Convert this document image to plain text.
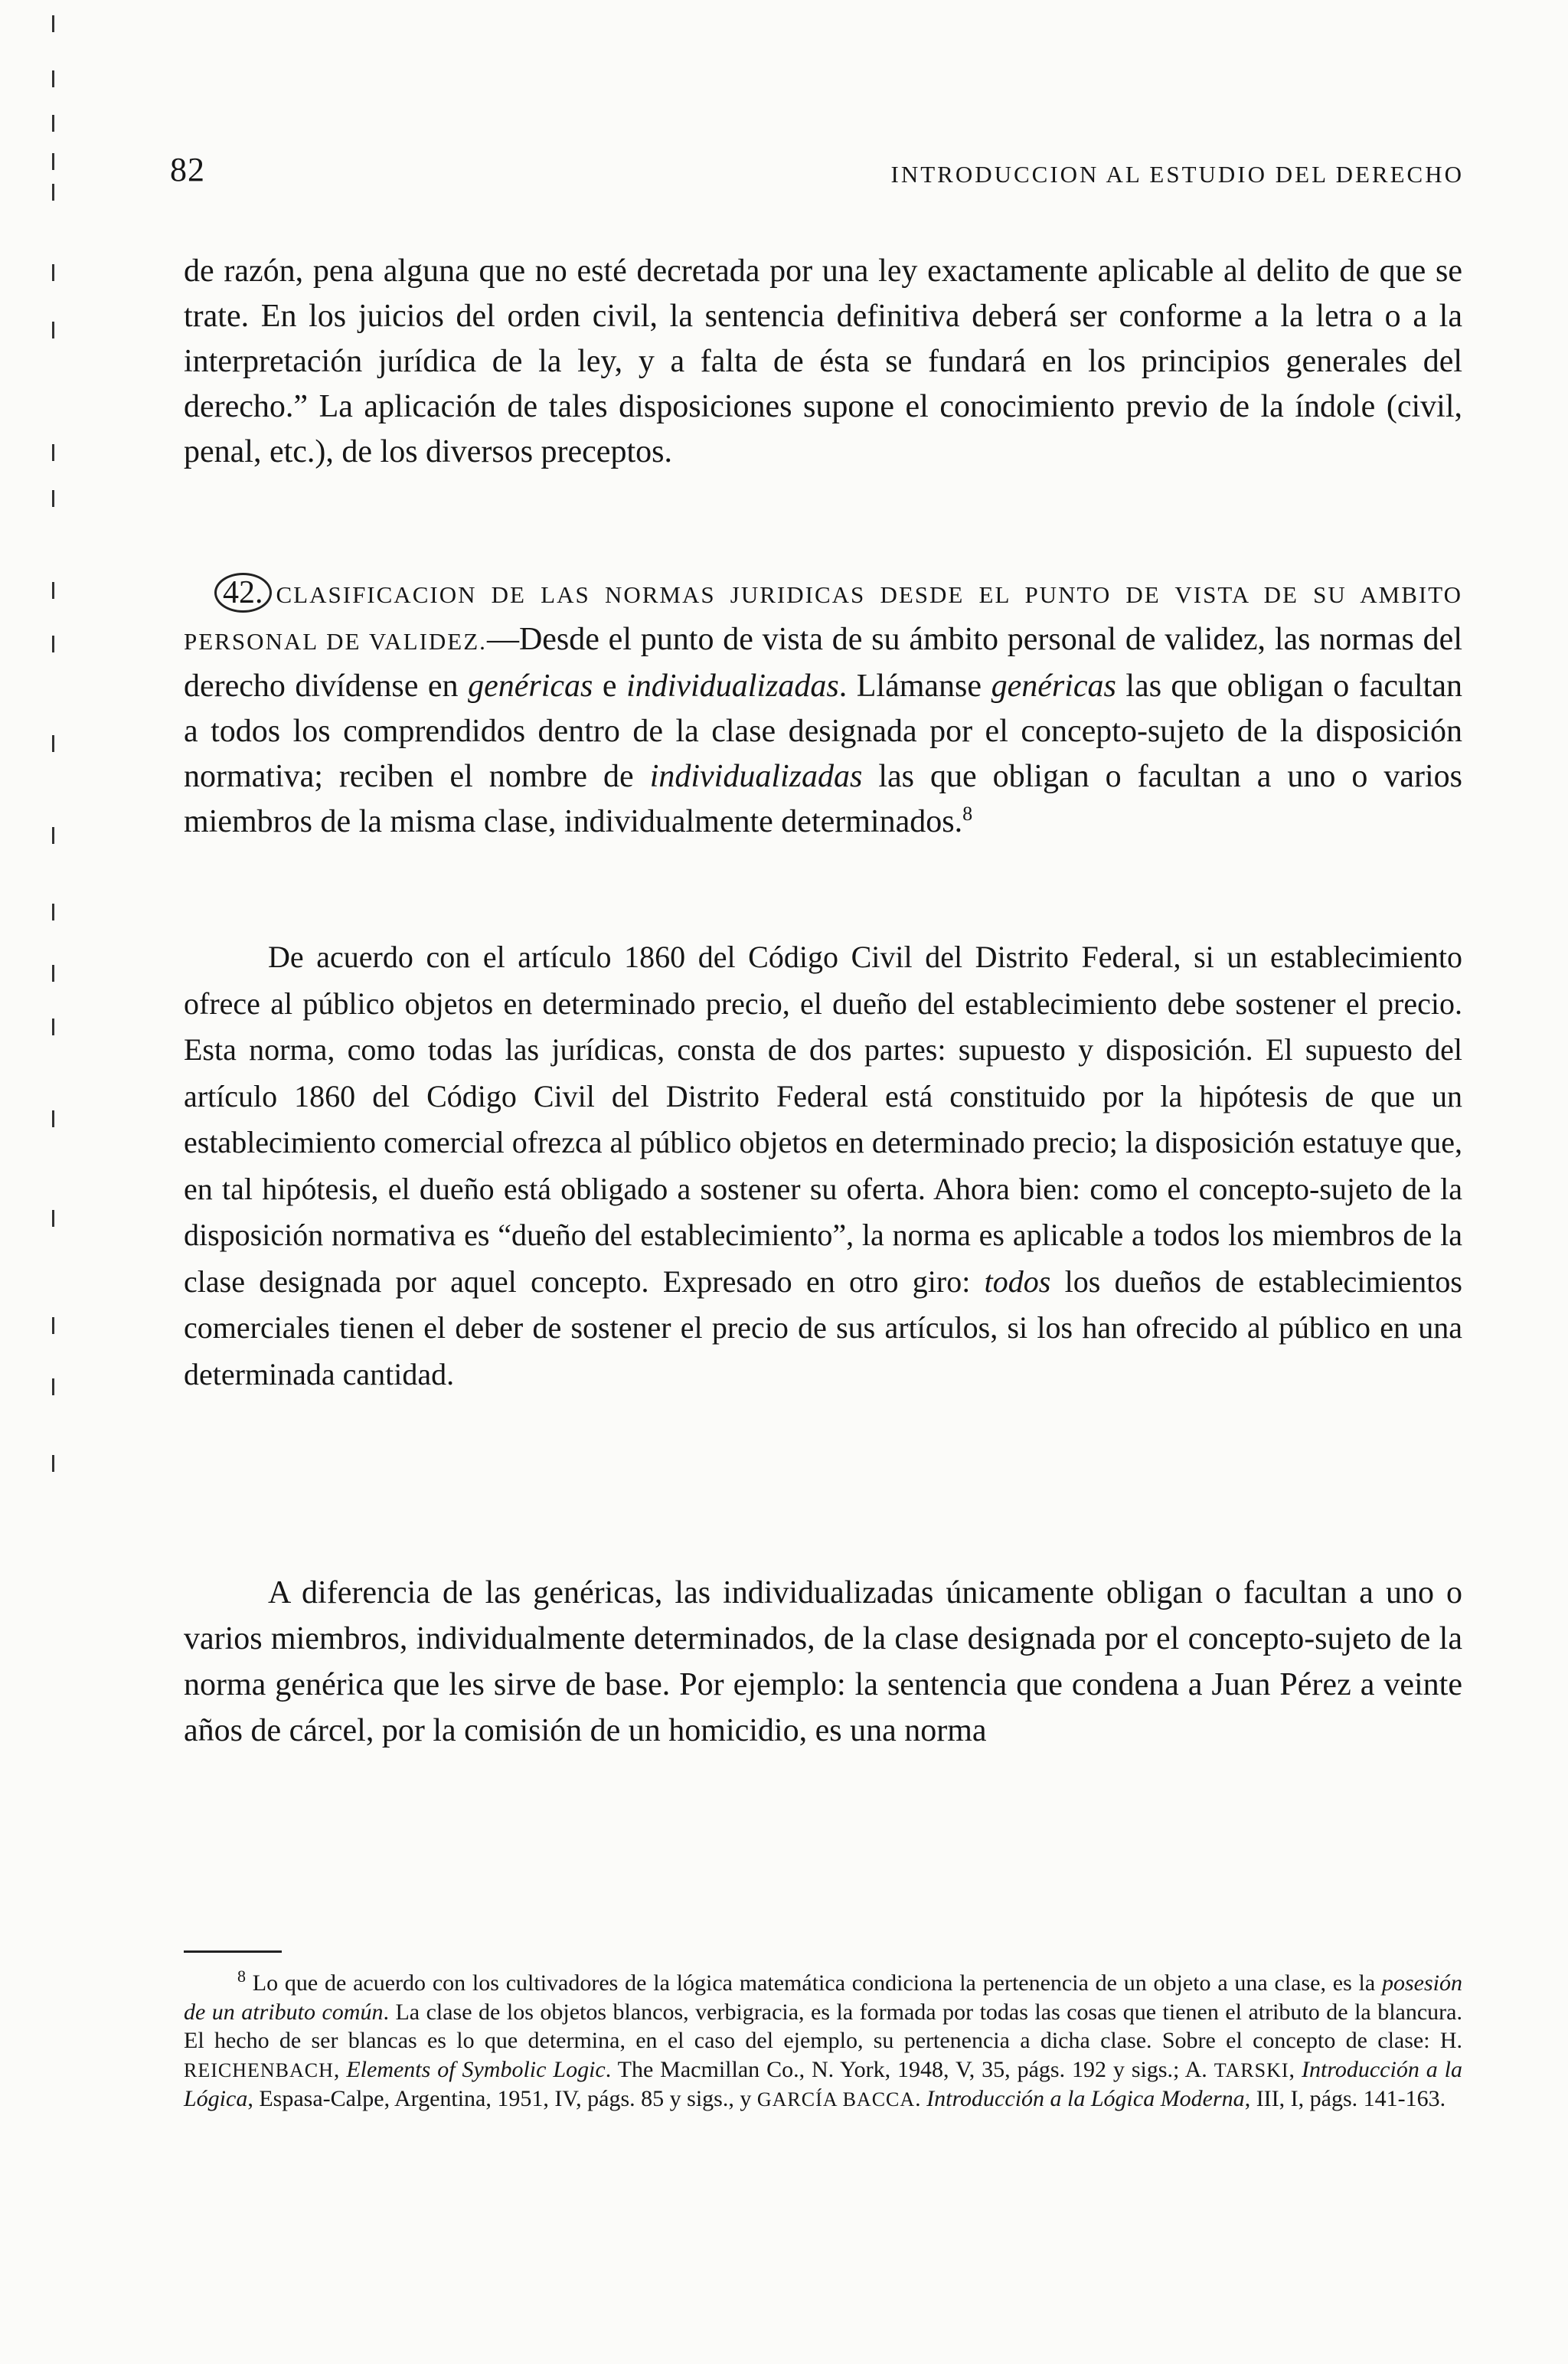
82	INTRODUCCION AL ESTUDIO DEL DERECHO

de razón, pena alguna que no esté decretada por una ley exactamente aplicable al delito de que se trate. En los juicios del orden civil, la sentencia definitiva deberá ser conforme a la letra o a la interpretación jurídica de la ley, y a falta de ésta se fundará en los principios generales del derecho.” La aplicación de tales disposiciones supone el conocimiento previo de la índole (civil, penal, etc.), de los diversos preceptos.

42. CLASIFICACION DE LAS NORMAS JURIDICAS DESDE EL PUNTO DE VISTA DE SU AMBITO PERSONAL DE VALIDEZ.—Desde el punto de vista de su ámbito personal de validez, las normas del derecho divídense en genéricas e individualizadas. Llámanse genéricas las que obligan o facultan a todos los comprendidos dentro de la clase designada por el concepto-sujeto de la disposición normativa; reciben el nombre de individualizadas las que obligan o facultan a uno o varios miembros de la misma clase, individualmente determinados.$^8$

De acuerdo con el artículo 1860 del Código Civil del Distrito Federal, si un establecimiento ofrece al público objetos en determinado precio, el dueño del establecimiento debe sostener el precio. Esta norma, como todas las jurídicas, consta de dos partes: supuesto y disposición. El supuesto del artículo 1860 del Código Civil del Distrito Federal está constituido por la hipótesis de que un establecimiento comercial ofrezca al público objetos en determinado precio; la disposición estatuye que, en tal hipótesis, el dueño está obligado a sostener su oferta. Ahora bien: como el concepto-sujeto de la disposición normativa es “dueño del establecimiento”, la norma es aplicable a todos los miembros de la clase designada por aquel concepto. Expresado en otro giro: todos los dueños de establecimientos comerciales tienen el deber de sostener el precio de sus artículos, si los han ofrecido al público en una determinada cantidad.

A diferencia de las genéricas, las individualizadas únicamente obligan o facultan a uno o varios miembros, individualmente determinados, de la clase designada por el concepto-sujeto de la norma genérica que les sirve de base. Por ejemplo: la sentencia que condena a Juan Pérez a veinte años de cárcel, por la comisión de un homicidio, es una norma

$^8$ Lo que de acuerdo con los cultivadores de la lógica matemática condiciona la pertenencia de un objeto a una clase, es la posesión de un atributo común. La clase de los objetos blancos, verbigracia, es la formada por todas las cosas que tienen el atributo de la blancura. El hecho de ser blancas es lo que determina, en el caso del ejemplo, su pertenencia a dicha clase. Sobre el concepto de clase: H. REICHENBACH, Elements of Symbolic Logic. The Macmillan Co., N. York, 1948, V, 35, págs. 192 y sigs.; A. TARSKI, Introducción a la Lógica, Espasa-Calpe, Argentina, 1951, IV, págs. 85 y sigs., y GARCÍA BACCA. Introducción a la Lógica Moderna, III, I, págs. 141-163.
